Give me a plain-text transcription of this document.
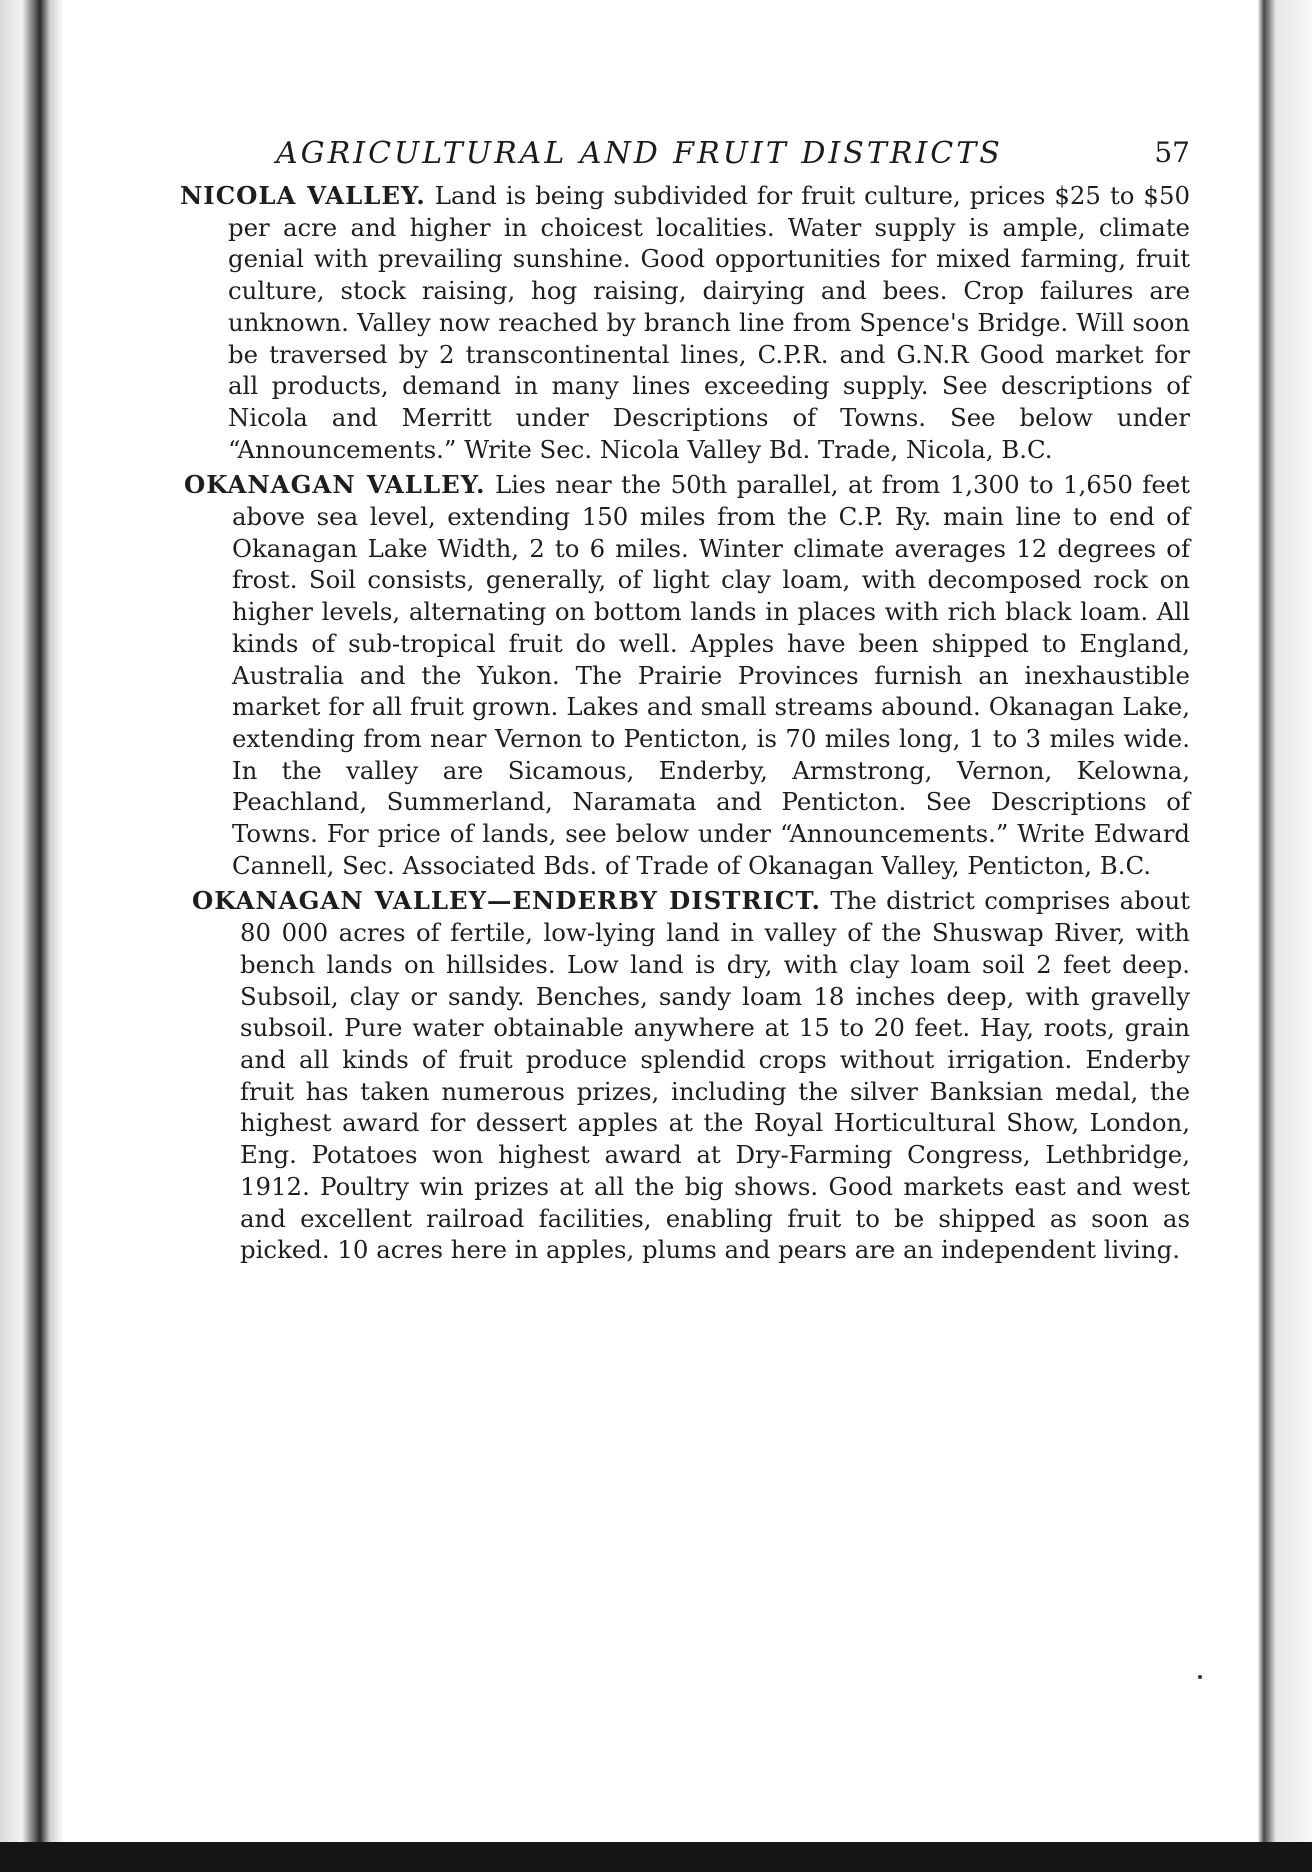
AGRICULTURAL AND FRUIT DISTRICTS	57

NICOLA VALLEY. Land is being subdivided for fruit culture, prices $25 to $50 per acre and higher in choicest localities. Water supply is ample, climate genial with prevailing sunshine. Good opportunities for mixed farming, fruit culture, stock raising, hog raising, dairying and bees. Crop failures are unknown. Valley now reached by branch line from Spence's Bridge. Will soon be traversed by 2 transcontinental lines, C.P.R. and G.N.R Good market for all products, demand in many lines exceeding supply. See descriptions of Nicola and Merritt under Descriptions of Towns. See below under “Announcements.” Write Sec. Nicola Valley Bd. Trade, Nicola, B.C.

OKANAGAN VALLEY. Lies near the 50th parallel, at from 1,300 to 1,650 feet above sea level, extending 150 miles from the C.P. Ry. main line to end of Okanagan Lake Width, 2 to 6 miles. Winter climate averages 12 degrees of frost. Soil consists, generally, of light clay loam, with decomposed rock on higher levels, alternating on bottom lands in places with rich black loam. All kinds of sub-tropical fruit do well. Apples have been shipped to England, Australia and the Yukon. The Prairie Provinces furnish an inexhaustible market for all fruit grown. Lakes and small streams abound. Okanagan Lake, extending from near Vernon to Penticton, is 70 miles long, 1 to 3 miles wide. In the valley are Sicamous, Enderby, Armstrong, Vernon, Kelowna, Peachland, Summerland, Naramata and Penticton. See Descriptions of Towns. For price of lands, see below under “Announcements.” Write Edward Cannell, Sec. Associated Bds. of Trade of Okanagan Valley, Penticton, B.C.

OKANAGAN VALLEY—ENDERBY DISTRICT. The district comprises about 80 000 acres of fertile, low-lying land in valley of the Shuswap River, with bench lands on hillsides. Low land is dry, with clay loam soil 2 feet deep. Subsoil, clay or sandy. Benches, sandy loam 18 inches deep, with gravelly subsoil. Pure water obtainable anywhere at 15 to 20 feet. Hay, roots, grain and all kinds of fruit produce splendid crops without irrigation. Enderby fruit has taken numerous prizes, including the silver Banksian medal, the highest award for dessert apples at the Royal Horticultural Show, London, Eng. Potatoes won highest award at Dry-Farming Congress, Lethbridge, 1912. Poultry win prizes at all the big shows. Good markets east and west and excellent railroad facilities, enabling fruit to be shipped as soon as picked. 10 acres here in apples, plums and pears are an independent living.
